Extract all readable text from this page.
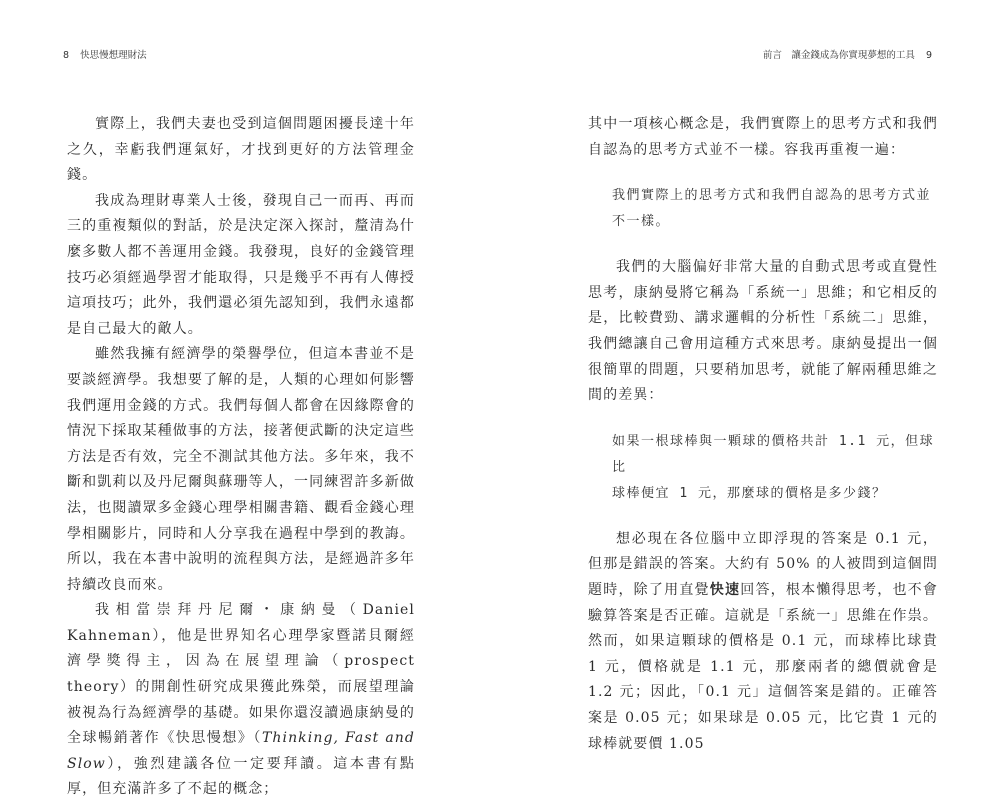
8 快思慢想理財法

實際上，我們夫妻也受到這個問題困擾長達十年之久，幸虧我們運氣好，才找到更好的方法管理金錢。

我成為理財專業人士後，發現自己一而再、再而三的重複類似的對話，於是決定深入探討，釐清為什麼多數人都不善運用金錢。我發現，良好的金錢管理技巧必須經過學習才能取得，只是幾乎不再有人傳授這項技巧；此外，我們還必須先認知到，我們永遠都是自己最大的敵人。

雖然我擁有經濟學的榮譽學位，但這本書並不是要談經濟學。我想要了解的是，人類的心理如何影響我們運用金錢的方式。我們每個人都會在因緣際會的情況下採取某種做事的方法，接著便武斷的決定這些方法是否有效，完全不測試其他方法。多年來，我不斷和凱莉以及丹尼爾與蘇珊等人，一同練習許多新做法，也閱讀眾多金錢心理學相關書籍、觀看金錢心理學相關影片，同時和人分享我在過程中學到的教誨。所以，我在本書中說明的流程與方法，是經過許多年持續改良而來。

我相當崇拜丹尼爾・康納曼（Daniel Kahneman），他是世界知名心理學家暨諾貝爾經濟學獎得主，因為在展望理論（prospect theory）的開創性研究成果獲此殊榮，而展望理論被視為行為經濟學的基礎。如果你還沒讀過康納曼的全球暢銷著作《快思慢想》（Thinking, Fast and Slow），強烈建議各位一定要拜讀。這本書有點厚，但充滿許多了不起的概念；

前言　讓金錢成為你實現夢想的工具 9

其中一項核心概念是，我們實際上的思考方式和我們自認為的思考方式並不一樣。容我再重複一遍：

我們實際上的思考方式和我們自認為的思考方式並
不一樣。

我們的大腦偏好非常大量的自動式思考或直覺性思考，康納曼將它稱為「系統一」思維；和它相反的是，比較費勁、講求邏輯的分析性「系統二」思維，我們總讓自己會用這種方式來思考。康納曼提出一個很簡單的問題，只要稍加思考，就能了解兩種思維之間的差異：

如果一根球棒與一顆球的價格共計 1.1 元，但球比
球棒便宜 1 元，那麼球的價格是多少錢？

想必現在各位腦中立即浮現的答案是 0.1 元，但那是錯誤的答案。大約有 50% 的人被問到這個問題時，除了用直覺快速回答，根本懶得思考，也不會驗算答案是否正確。這就是「系統一」思維在作祟。然而，如果這顆球的價格是 0.1 元，而球棒比球貴 1 元，價格就是 1.1 元，那麼兩者的總價就會是 1.2 元；因此，「0.1 元」這個答案是錯的。正確答案是 0.05 元；如果球是 0.05 元，比它貴 1 元的球棒就要價 1.05
